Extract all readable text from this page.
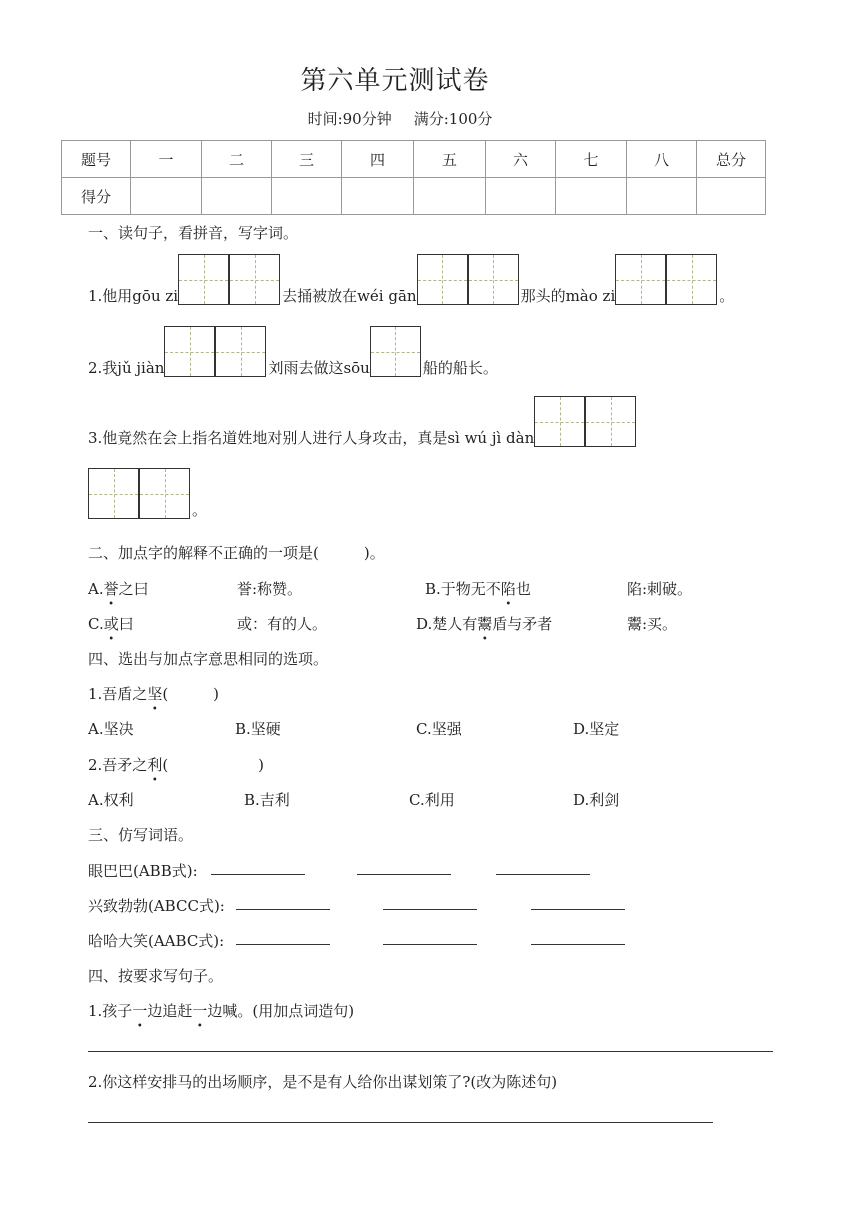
第六单元测试卷
时间:90分钟 满分:100分
题号	一	二	三	四	五	六	七	八	总分
得分									
一、读句子，看拼音，写字词。
1.他用gōu zi	去捅被放在wéi gān	那头的mào zi	。
2.我jǔ jiàn	刘雨去做这sōu	船的船长。
3.他竟然在会上指名道姓地对别人进行人身攻击，真是sì wú jì dàn
。
二、加点字的解释不正确的一项是(　　　)。
A.誉之曰	誉:称赞。	B.于物无不陷也	陷:刺破。
C.或曰	或：有的人。	D.楚人有鬻盾与矛者	鬻:买。
四、选出与加点字意思相同的选项。
1.吾盾之坚(　　　)
A.坚决	B.坚硬	C.坚强	D.坚定
2.吾矛之利(　　　　　　)
A.权利	B.吉利	C.利用	D.利剑
三、仿写词语。
眼巴巴(ABB式):
兴致勃勃(ABCC式):
哈哈大笑(AABC式):
四、按要求写句子。
1.孩子一边追赶一边喊。(用加点词造句)
2.你这样安排马的出场顺序，是不是有人给你出谋划策了?(改为陈述句)
